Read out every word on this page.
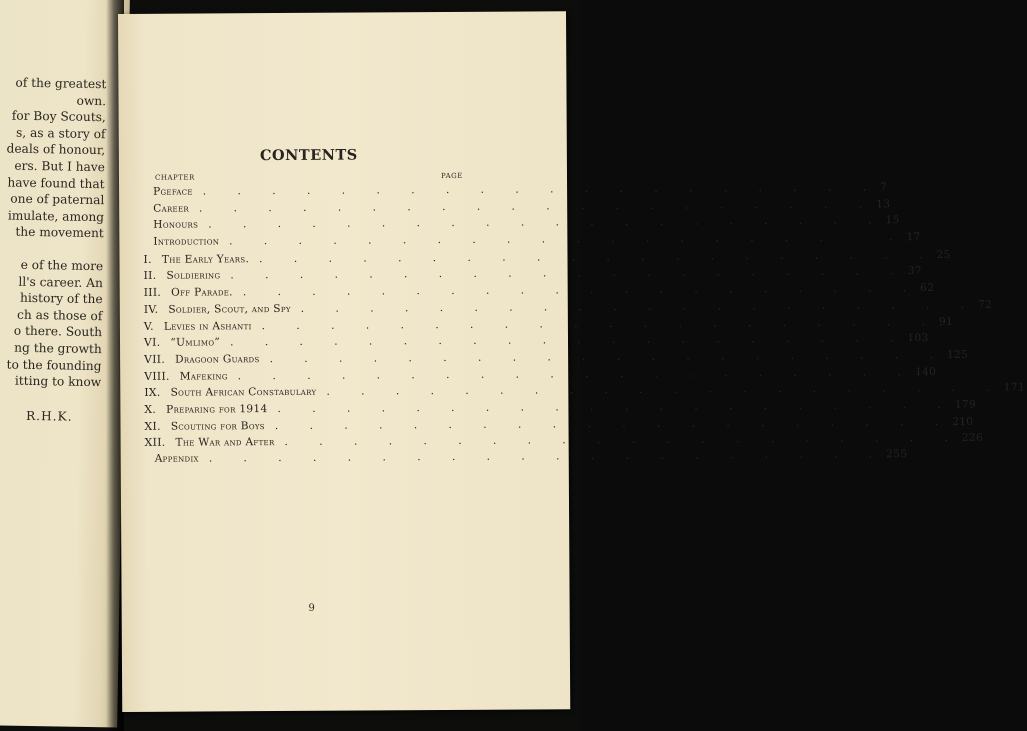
of the greatest
own.
for Boy Scouts,
s, as a story of
deals of honour,
ers. But I have
have found that
one of paternal
imulate, among
the movement
e of the more
ll's career. An
history of the
ch as those of
o there. South
ng the growth
to the founding
itting to know
R.H.K.
CONTENTS
CHAPTER	PAGE
Pgeface . . . . . . . . . . . . . . . . . . . . 7
Career . . . . . . . . . . . . . . . . . . . . 13
Honours . . . . . . . . . . . . . . . . . . . . 15
Introduction . . . . . . . . . . . . . . . . . . . . 17
I. The Early Years. . . . . . . . . . . . . . . . . . . . . 25
II. Soldiering . . . . . . . . . . . . . . . . . . . . 37
III. Off Parade. . . . . . . . . . . . . . . . . . . . . 62
IV. Soldier, Scout, and Spy . . . . . . . . . . . . . . . . . . . . 72
V. Levies in Ashanti . . . . . . . . . . . . . . . . . . . . 91
VI. “Umlimo” . . . . . . . . . . . . . . . . . . . . 103
VII. Dragoon Guards . . . . . . . . . . . . . . . . . . . . 125
VIII. Mafeking . . . . . . . . . . . . . . . . . . . . 140
IX. South African Constabulary . . . . . . . . . . . . . . . . . . . . 171
X. Preparing for 1914 . . . . . . . . . . . . . . . . . . . . 179
XI. Scouting for Boys . . . . . . . . . . . . . . . . . . . . 210
XII. The War and After . . . . . . . . . . . . . . . . . . . . 226
Appendix . . . . . . . . . . . . . . . . . . . . 255
9
